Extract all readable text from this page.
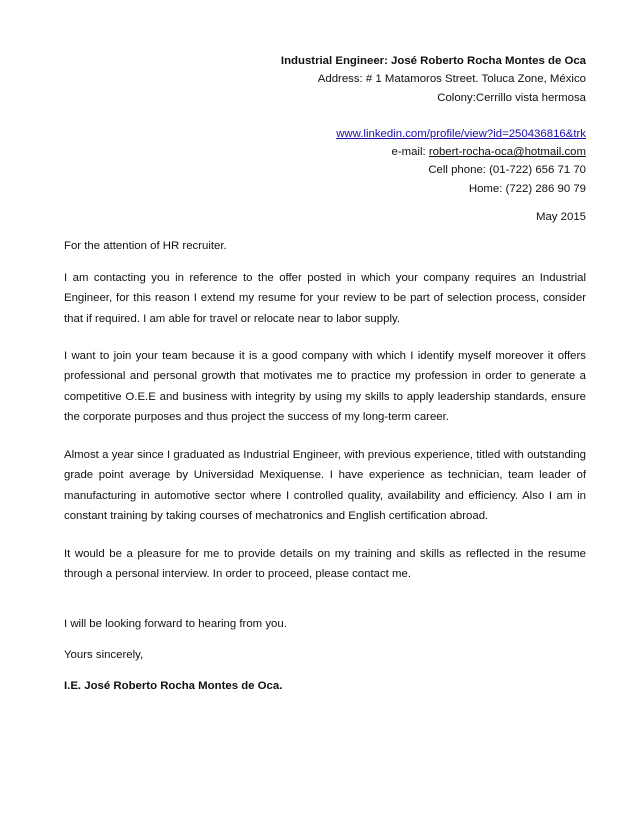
Industrial Engineer: José Roberto Rocha Montes de Oca
Address: # 1 Matamoros Street. Toluca Zone, México
Colony:Cerrillo vista hermosa
www.linkedin.com/profile/view?id=250436816&trk
e-mail: robert-rocha-oca@hotmail.com
Cell phone: (01-722) 656 71 70
Home: (722) 286 90 79
May 2015

For the attention of HR recruiter.

I am contacting you in reference to the offer posted in which your company requires an Industrial Engineer, for this reason I extend my resume for your review to be part of selection process, consider that if required. I am able for travel or relocate near to labor supply.

I want to join your team because it is a good company with which I identify myself moreover it offers professional and personal growth that motivates me to practice my profession in order to generate a competitive O.E.E and business with integrity by using my skills to apply leadership standards, ensure the corporate purposes and thus project the success of my long-term career.

Almost a year since I graduated as Industrial Engineer, with previous experience, titled with outstanding grade point average by Universidad Mexiquense. I have experience as technician, team leader of manufacturing in automotive sector where I controlled quality, availability and efficiency. Also I am in constant training by taking courses of mechatronics and English certification abroad.

It would be a pleasure for me to provide details on my training and skills as reflected in the resume through a personal interview. In order to proceed, please contact me.

I will be looking forward to hearing from you.

Yours sincerely,

I.E. José Roberto Rocha Montes de Oca.
